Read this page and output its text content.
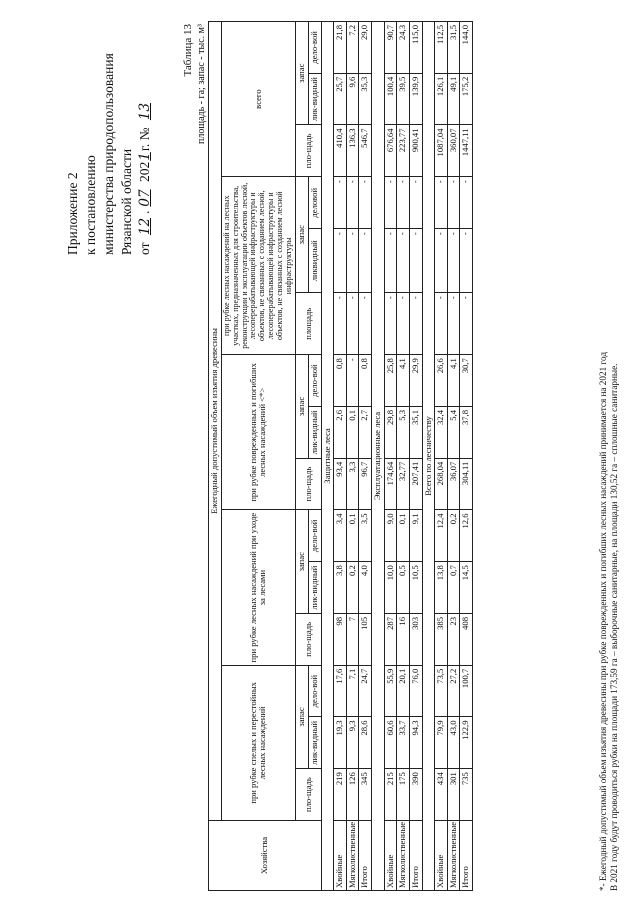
Приложение 2 к постановлению министерства природопользования Рязанской области от 12.07 2021г. № 13
Таблица 13 площадь - га; запас - тыс. м³
Хозяйства	Ежегодный допустимый объем изъятия древесины														
	при рубке спелых и перестойных лесных насаждений			при рубке лесных насаждений при уходе за лесами			при рубке поврежденных и погибших лесных насаждений <*>			при рубке лесных насаждений на лесных участках, предназначенных для строительства, реконструкции и эксплуатации объектов лесной, лесоперерабатывающей инфраструктуры и объектов, не связанных с созданием лесной, лесоперерабатывающей инфраструктуры и объектов, не связанных с созданием лесной инфраструктуры			всего		
	пло-щадь	запас		пло-щадь	запас		пло-щадь	запас		площадь	запас		пло-щадь	запас	
		лик-видный	дело-вой		лик-видный	дело-вой		лик-видный	дело-вой		ликвидный	деловой		лик-видный	дело-вой
Защитные леса															
Хвойные	219	19,3	17,6	98	3,8	3,4	93,4	2,6	0,8	-	-	-	410,4	25,7	21,8
Мягколиственные	126	9,3	7,1	7	0,2	0,1	3,3	0,1	-	-	-	-	136,3	9,6	7,2
Итого	345	28,6	24,7	105	4,0	3,5	96,7	2,7	0,8	-	-	-	546,7	35,3	29,0
Эксплуатационные леса															
Хвойные	215	60,6	55,9	287	10,0	9,0	174,64	29,8	25,8	-	-	-	676,64	100,4	90,7
Мягколиственные	175	33,7	20,1	16	0,5	0,1	32,77	5,3	4,1	-	-	-	223,77	39,5	24,3
Итого	390	94,3	76,0	303	10,5	9,1	207,41	35,1	29,9	-	-	-	900,41	139,9	115,0
Всего по лесничеству															
Хвойные	434	79,9	73,5	385	13,8	12,4	268,04	32,4	26,6	-	-	-	1087,04	126,1	112,5
Мягколиственные	301	43,0	27,2	23	0,7	0,2	36,07	5,4	4,1	-	-	-	360,07	49,1	31,5
Итого	735	122,9	100,7	408	14,5	12,6	304,11	37,8	30,7	-	-	-	1447,11	175,2	144,0
*- Ежегодный допустимый объем изъятия древесины при рубке поврежденных и погибших лесных насаждений принимается на 2021 год В 2021 году будут проводиться рубки на площади 173,59 га – выборочные санитарные, на площади 130,52 га – сплошные санитарные.
